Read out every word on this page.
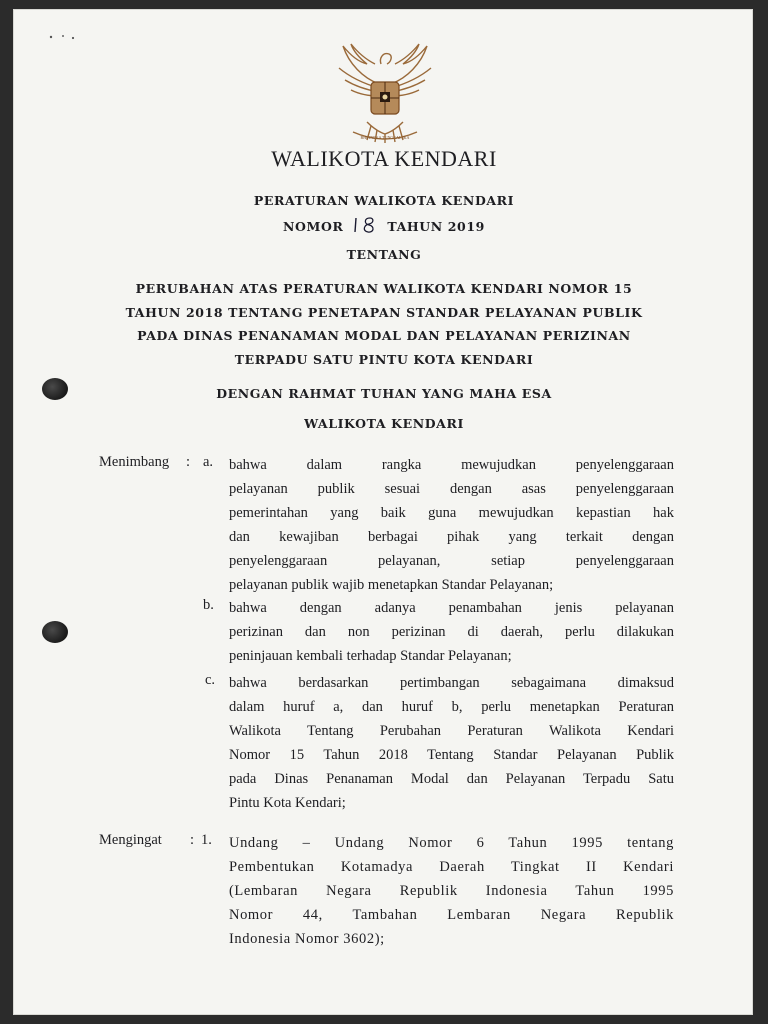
BHINNEKA TUNGGAL IKA
WALIKOTA KENDARI
PERATURAN WALIKOTA KENDARI
NOMOR	TAHUN 2019
TENTANG
PERUBAHAN ATAS PERATURAN WALIKOTA KENDARI NOMOR 15
TAHUN 2018 TENTANG PENETAPAN STANDAR PELAYANAN PUBLIK
PADA DINAS PENANAMAN MODAL DAN PELAYANAN PERIZINAN
TERPADU SATU PINTU KOTA KENDARI
DENGAN RAHMAT TUHAN YANG MAHA ESA
WALIKOTA KENDARI
Menimbang : a. bahwa dalam rangka mewujudkan penyelenggaraan
pelayanan publik sesuai dengan asas penyelenggaraan
pemerintahan yang baik guna mewujudkan kepastian hak
dan kewajiban berbagai pihak yang terkait dengan
penyelenggaraan pelayanan, setiap penyelenggaraan
pelayanan publik wajib menetapkan Standar Pelayanan;
b. bahwa dengan adanya penambahan jenis pelayanan
perizinan dan non perizinan di daerah, perlu dilakukan
peninjauan kembali terhadap Standar Pelayanan;
c. bahwa berdasarkan pertimbangan sebagaimana dimaksud
dalam huruf a, dan huruf b, perlu menetapkan Peraturan
Walikota Tentang Perubahan Peraturan Walikota Kendari
Nomor 15 Tahun 2018 Tentang Standar Pelayanan Publik
pada Dinas Penanaman Modal dan Pelayanan Terpadu Satu
Pintu Kota Kendari;
Mengingat : 1. Undang – Undang Nomor 6 Tahun 1995 tentang
Pembentukan Kotamadya Daerah Tingkat II Kendari
(Lembaran Negara Republik Indonesia Tahun 1995
Nomor 44, Tambahan Lembaran Negara Republik
Indonesia Nomor 3602);
